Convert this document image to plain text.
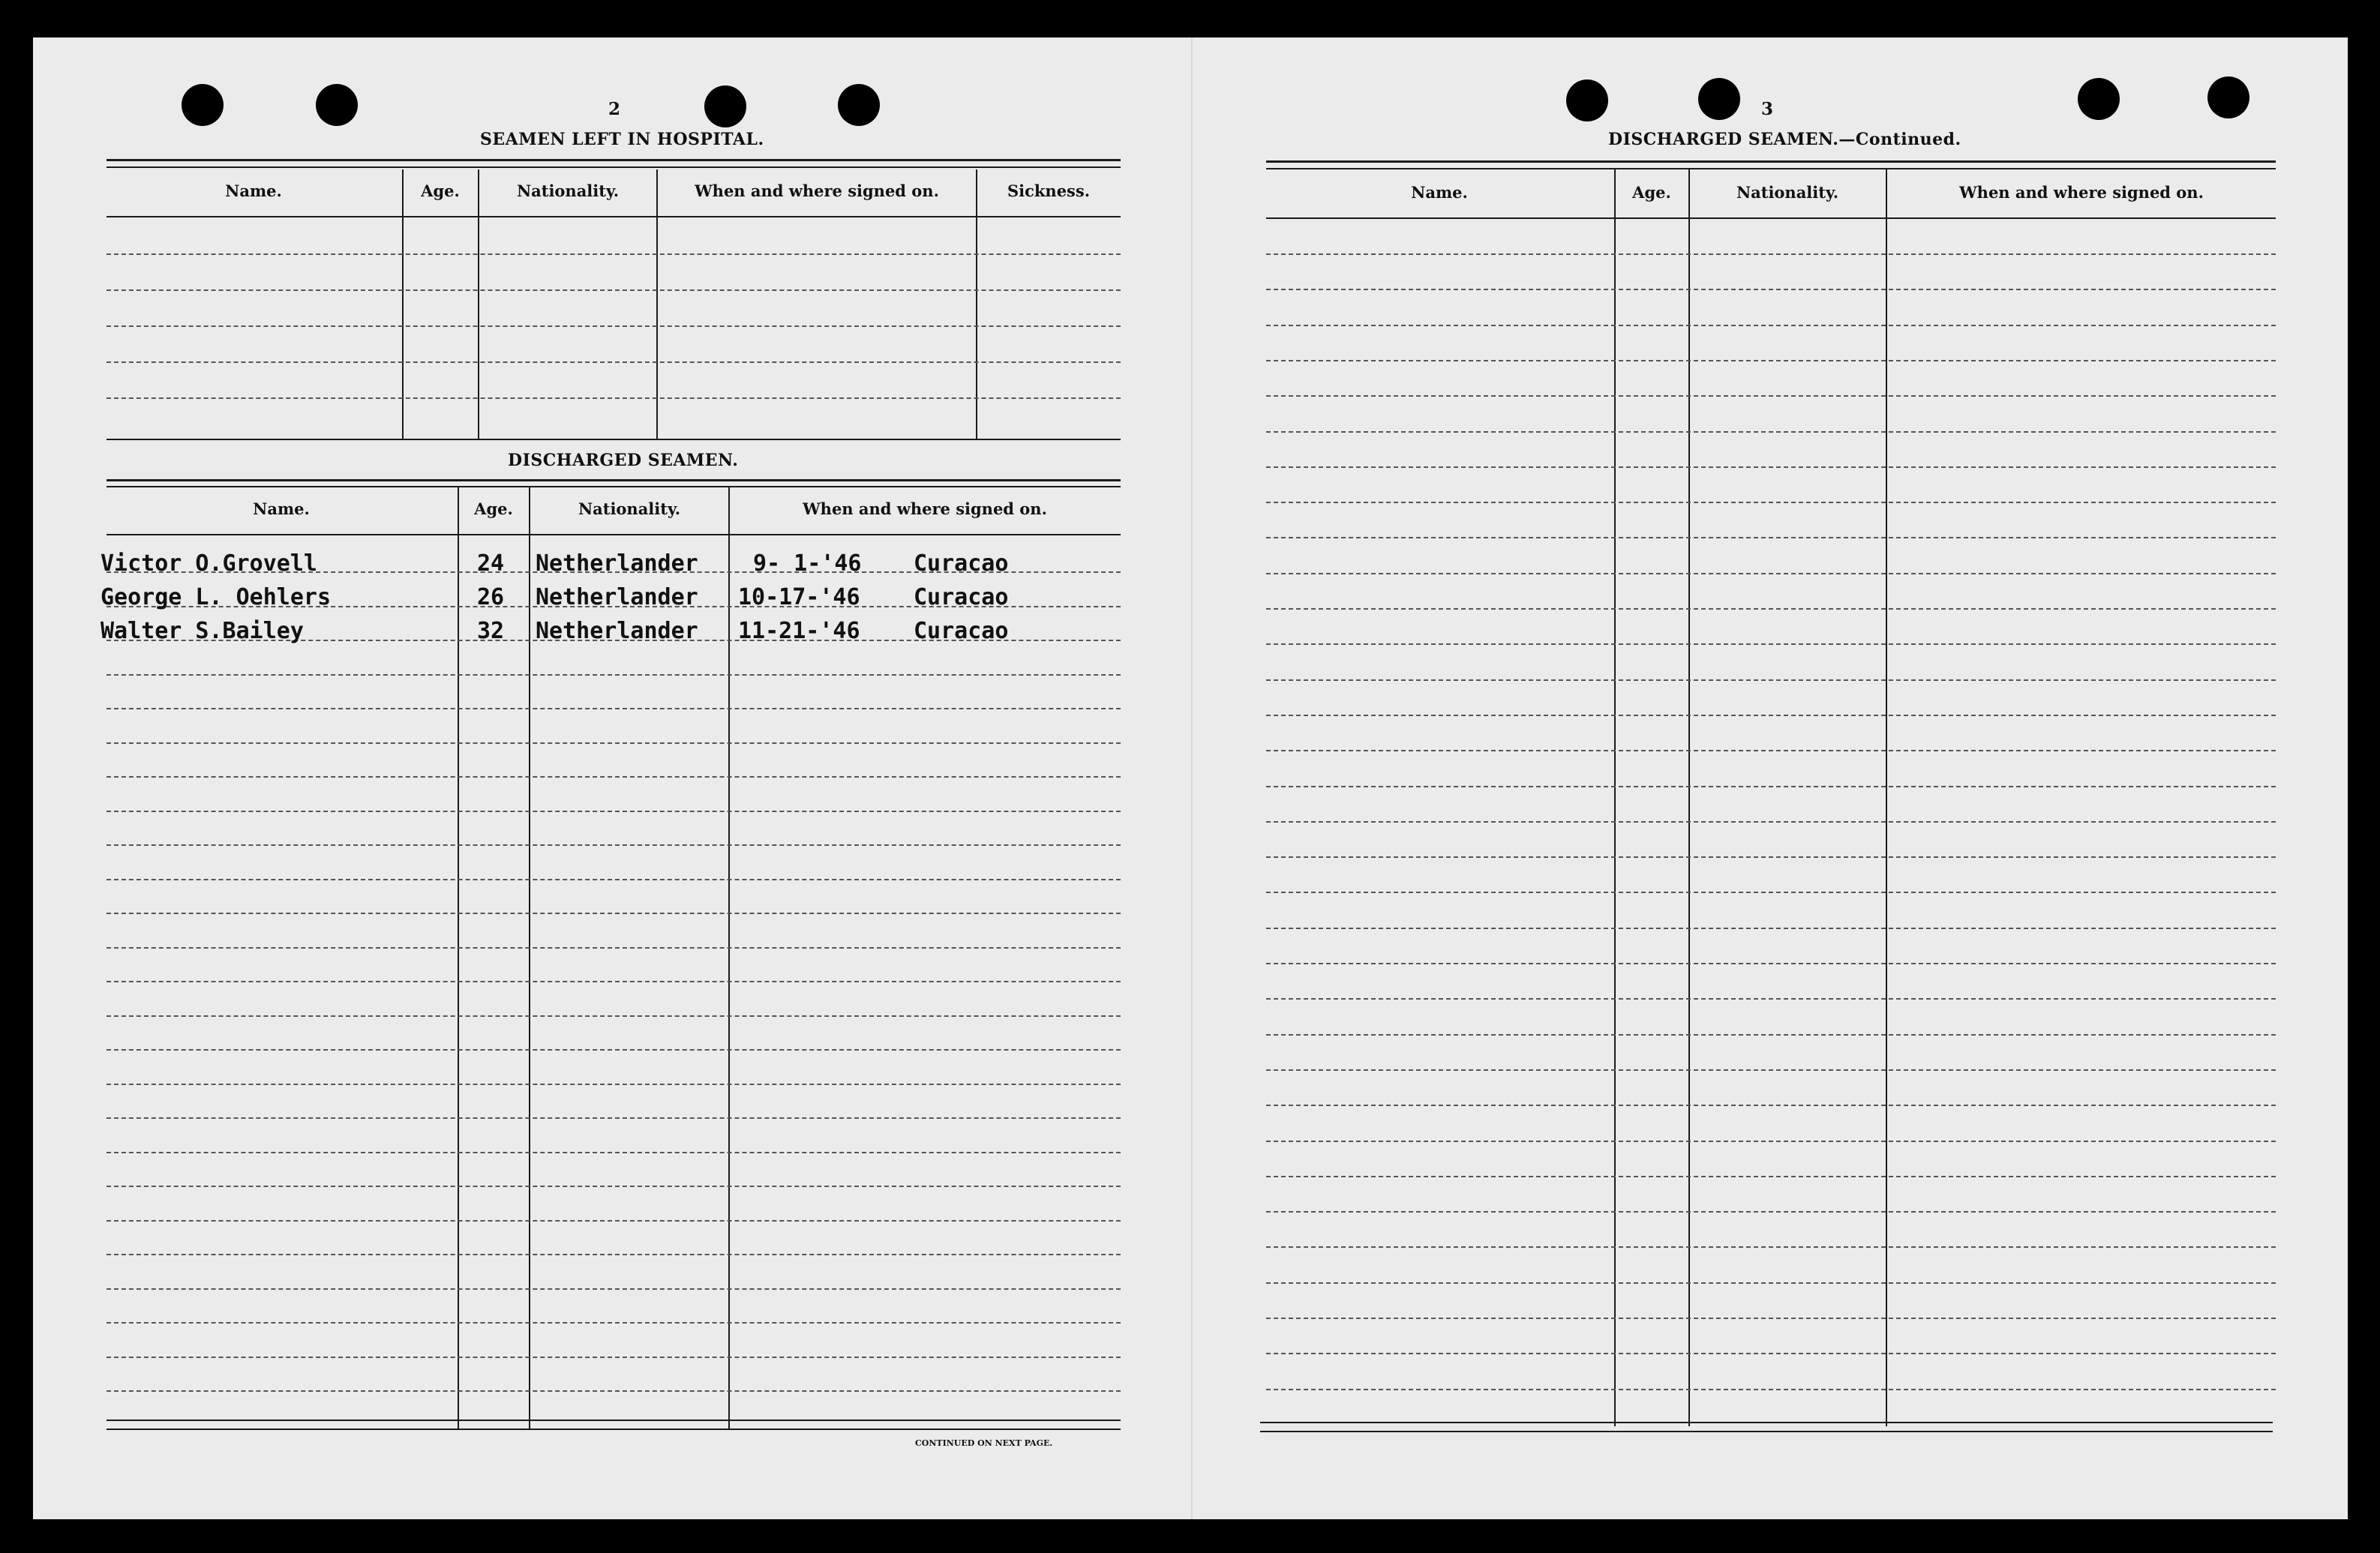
2
SEAMEN LEFT IN HOSPITAL.
Name.	Age.	Nationality.	When and where signed on.	Sickness.
DISCHARGED SEAMEN.
Name.	Age.	Nationality.	When and where signed on.
Victor O.Grovell	24 Netherlander 9- 1-'46 Curacao
George L. Oehlers	26 Netherlander 10-17-'46 Curacao
Walter S.Bailey	32 Netherlander 11-21-'46 Curacao
CONTINUED ON NEXT PAGE.
3
DISCHARGED SEAMEN.—Continued.
Name.	Age.	Nationality.	When and where signed on.
